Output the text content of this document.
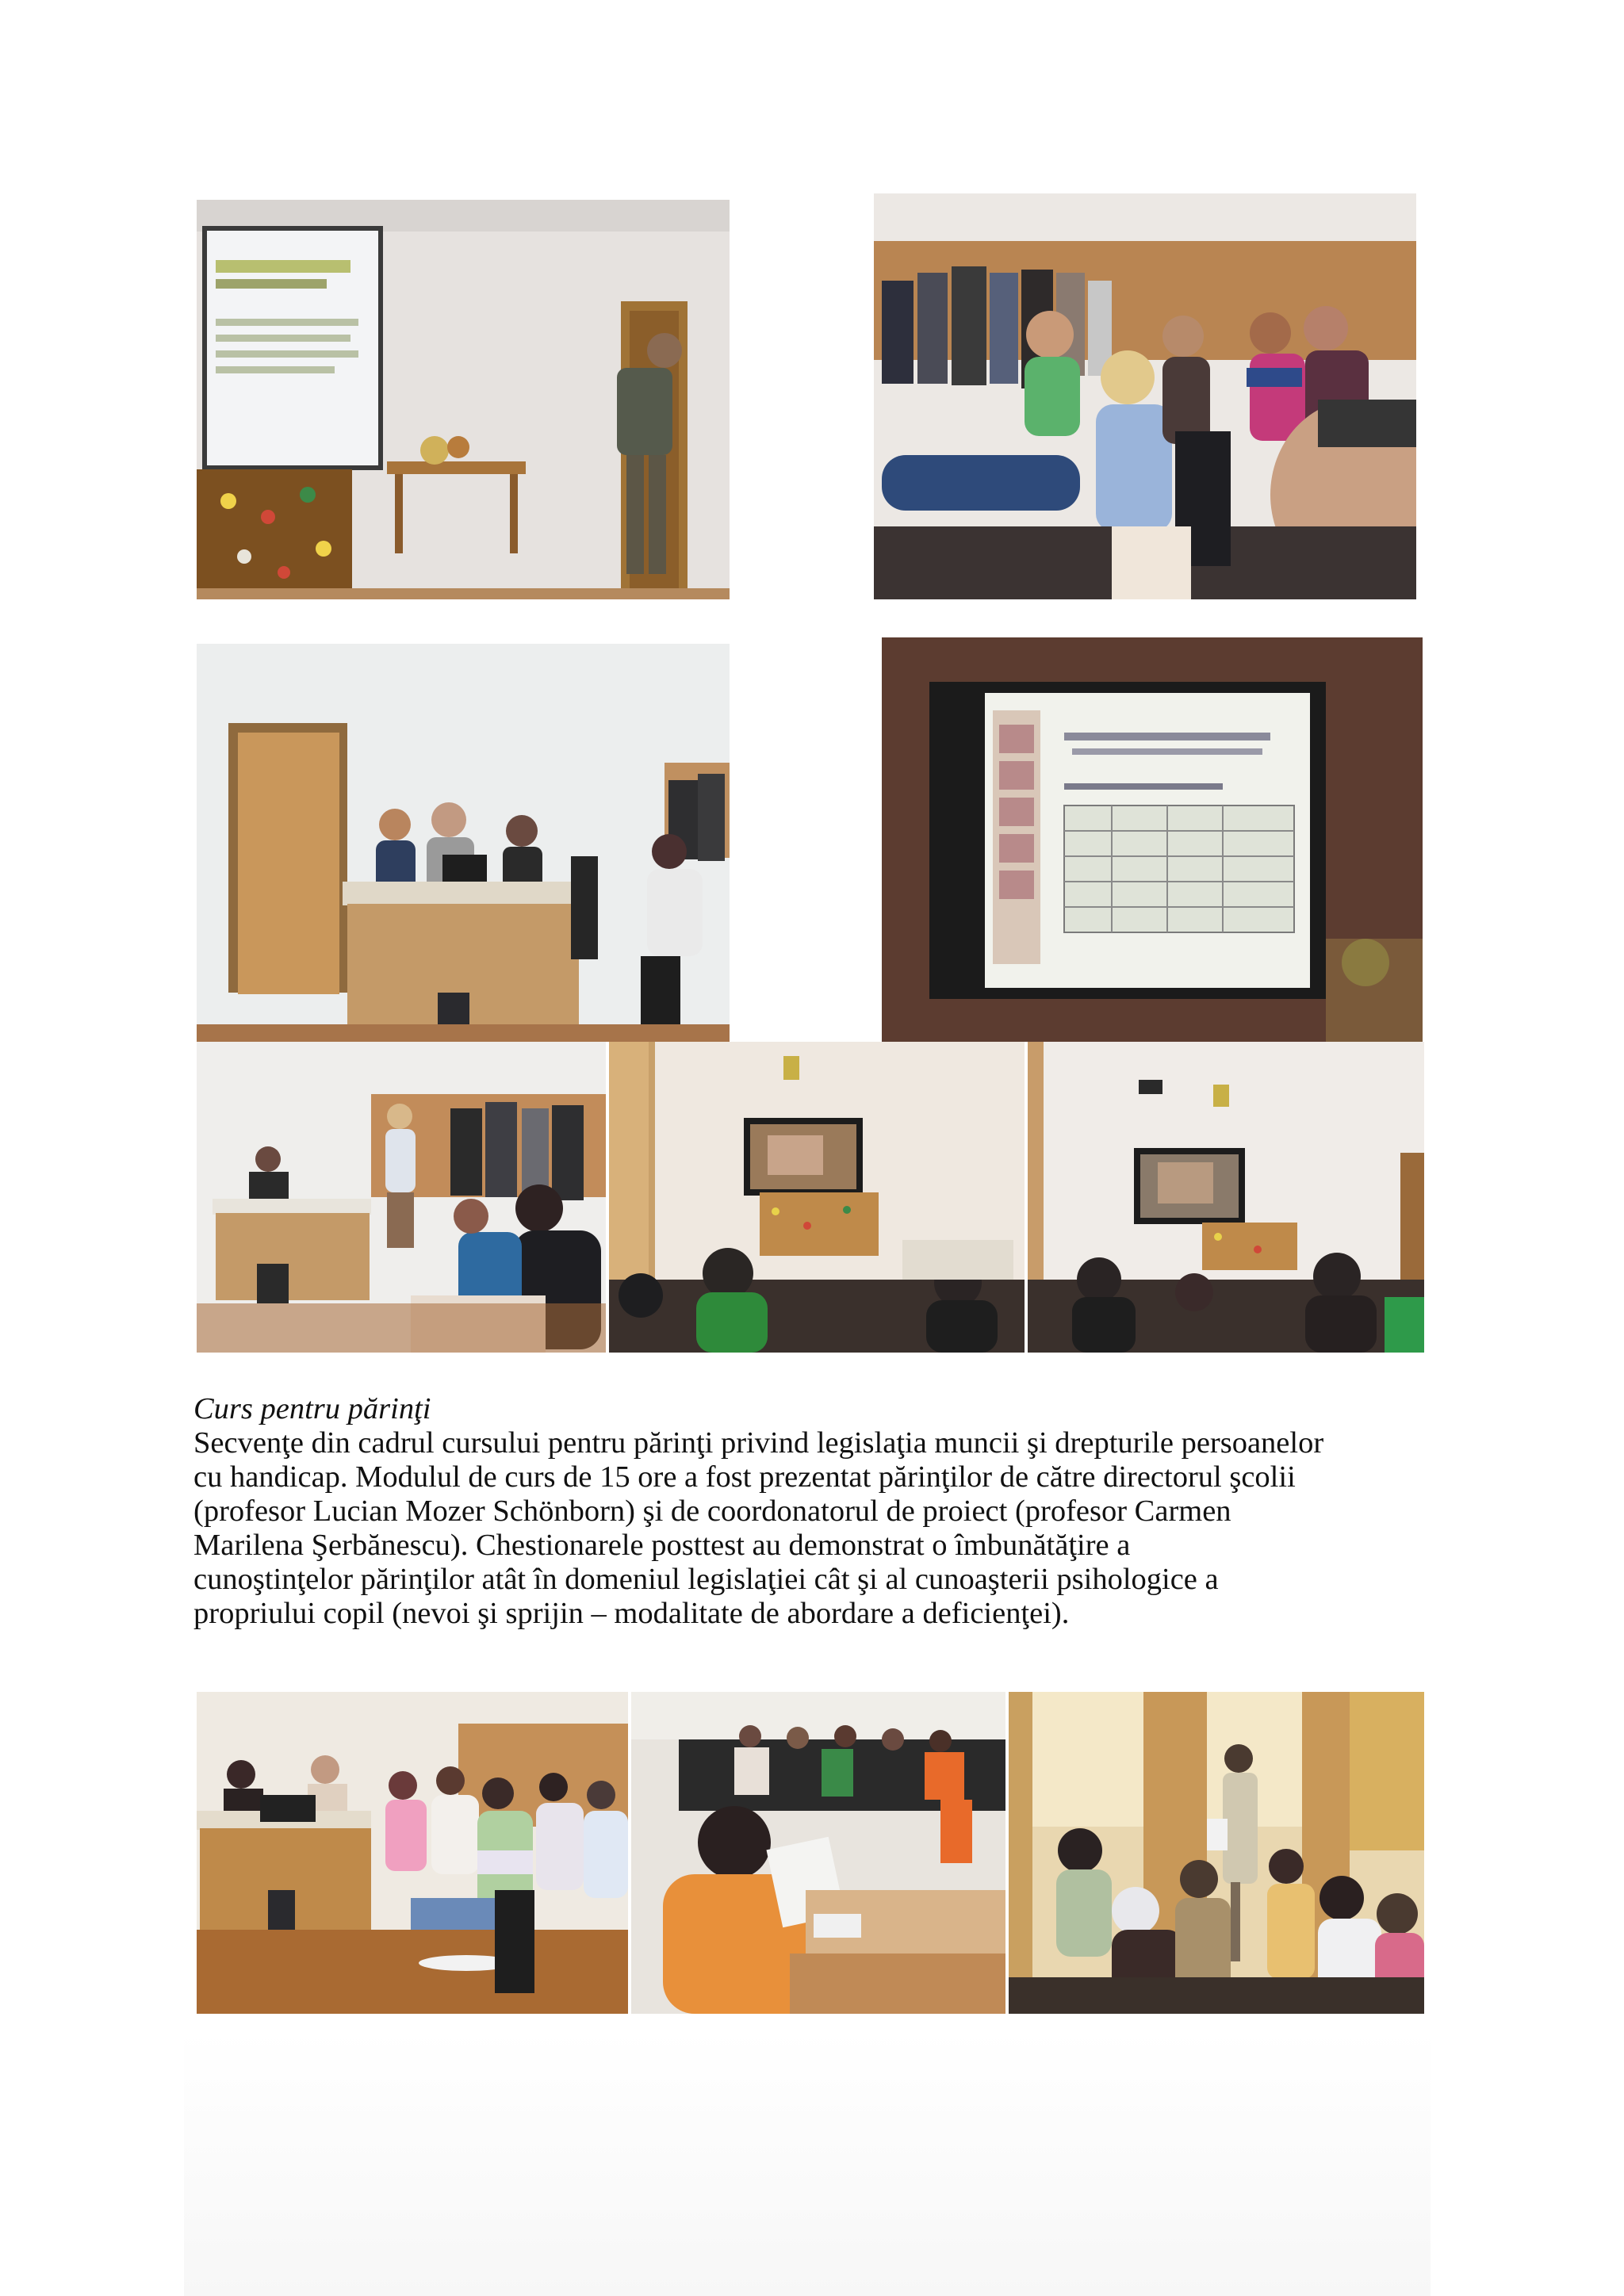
Curs pentru părinţi
Secvenţe din cadrul cursului pentru părinţi privind legislaţia muncii şi drepturile persoanelor
cu handicap. Modulul de curs de 15 ore a fost prezentat părinţilor de către directorul şcolii
(profesor Lucian Mozer Schönborn) şi de coordonatorul de proiect (profesor Carmen
Marilena Şerbănescu). Chestionarele posttest au demonstrat o îmbunătăţire a
cunoştinţelor părinţilor atât în domeniul legislaţiei cât şi al cunoaşterii psihologice a
propriului copil (nevoi şi sprijin – modalitate de abordare a deficienţei).
